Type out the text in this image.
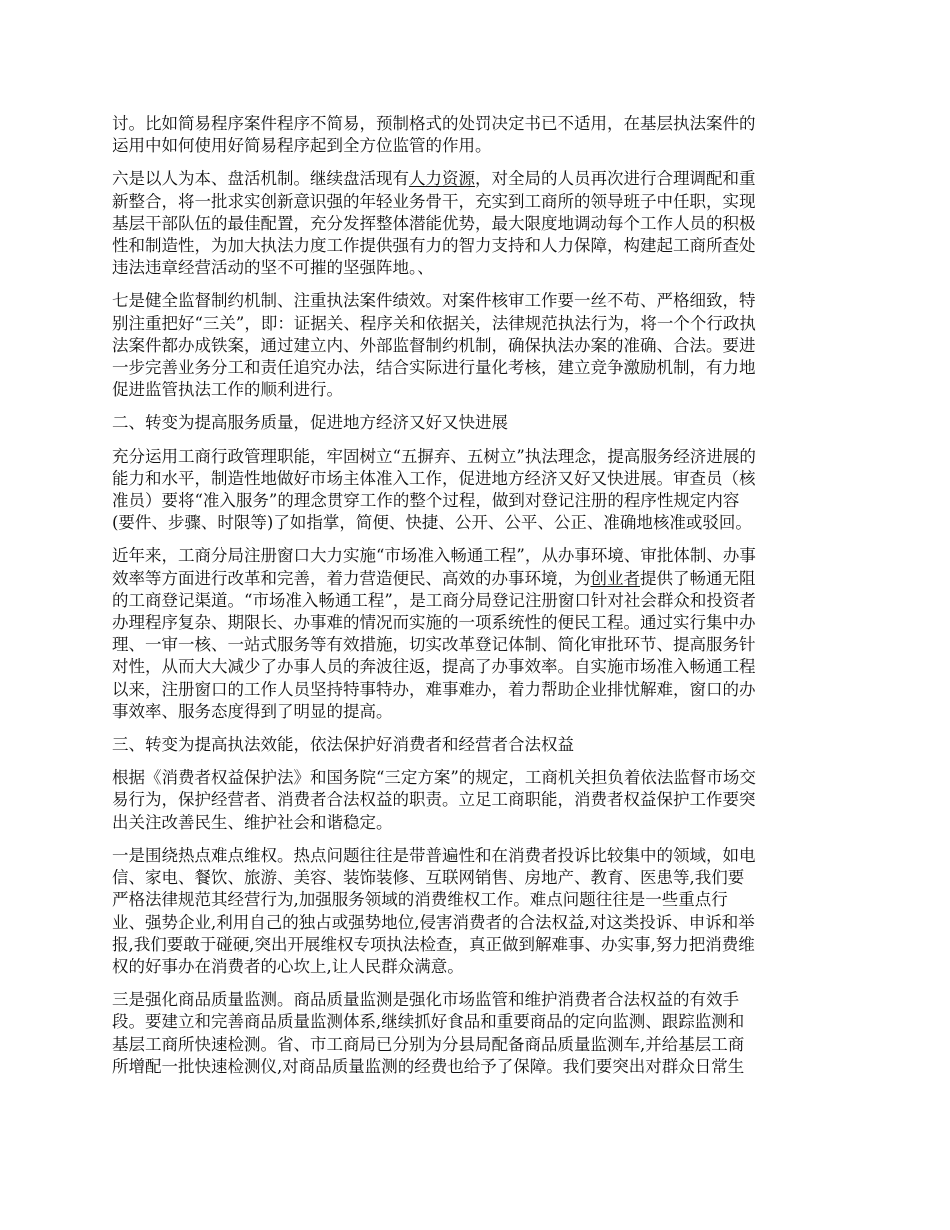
讨。比如简易程序案件程序不简易，预制格式的处罚决定书已不适用，在基层执法案件的
运用中如何使用好简易程序起到全方位监管的作用。
六是以人为本、盘活机制。继续盘活现有人力资源，对全局的人员再次进行合理调配和重
新整合，将一批求实创新意识强的年轻业务骨干，充实到工商所的领导班子中任职，实现
基层干部队伍的最佳配置，充分发挥整体潜能优势，最大限度地调动每个工作人员的积极
性和制造性，为加大执法力度工作提供强有力的智力支持和人力保障，构建起工商所查处
违法违章经营活动的坚不可摧的坚强阵地。、
七是健全监督制约机制、注重执法案件绩效。对案件核审工作要一丝不苟、严格细致，特
别注重把好“三关”，即：证据关、程序关和依据关，法律规范执法行为，将一个个行政执
法案件都办成铁案，通过建立内、外部监督制约机制，确保执法办案的准确、合法。要进
一步完善业务分工和责任追究办法，结合实际进行量化考核，建立竞争激励机制，有力地
促进监管执法工作的顺利进行。
二、转变为提高服务质量，促进地方经济又好又快进展
充分运用工商行政管理职能，牢固树立“五摒弃、五树立”执法理念，提高服务经济进展的
能力和水平，制造性地做好市场主体准入工作，促进地方经济又好又快进展。审查员（核
准员）要将“准入服务”的理念贯穿工作的整个过程，做到对登记注册的程序性规定内容
(要件、步骤、时限等)了如指掌，简便、快捷、公开、公平、公正、准确地核准或驳回。
近年来，工商分局注册窗口大力实施“市场准入畅通工程”，从办事环境、审批体制、办事
效率等方面进行改革和完善，着力营造便民、高效的办事环境，为创业者提供了畅通无阻
的工商登记渠道。“市场准入畅通工程”，是工商分局登记注册窗口针对社会群众和投资者
办理程序复杂、期限长、办事难的情况而实施的一项系统性的便民工程。通过实行集中办
理、一审一核、一站式服务等有效措施，切实改革登记体制、简化审批环节、提高服务针
对性，从而大大减少了办事人员的奔波往返，提高了办事效率。自实施市场准入畅通工程
以来，注册窗口的工作人员坚持特事特办，难事难办，着力帮助企业排忧解难，窗口的办
事效率、服务态度得到了明显的提高。
三、转变为提高执法效能，依法保护好消费者和经营者合法权益
根据《消费者权益保护法》和国务院“三定方案”的规定，工商机关担负着依法监督市场交
易行为，保护经营者、消费者合法权益的职责。立足工商职能，消费者权益保护工作要突
出关注改善民生、维护社会和谐稳定。
一是围绕热点难点维权。热点问题往往是带普遍性和在消费者投诉比较集中的领域，如电
信、家电、餐饮、旅游、美容、装饰装修、互联网销售、房地产、教育、医患等,我们要
严格法律规范其经营行为,加强服务领域的消费维权工作。难点问题往往是一些重点行
业、强势企业,利用自己的独占或强势地位,侵害消费者的合法权益,对这类投诉、申诉和举
报,我们要敢于碰硬,突出开展维权专项执法检查，真正做到解难事、办实事,努力把消费维
权的好事办在消费者的心坎上,让人民群众满意。
三是强化商品质量监测。商品质量监测是强化市场监管和维护消费者合法权益的有效手
段。要建立和完善商品质量监测体系,继续抓好食品和重要商品的定向监测、跟踪监测和
基层工商所快速检测。省、市工商局已分别为分县局配备商品质量监测车,并给基层工商
所增配一批快速检测仪,对商品质量监测的经费也给予了保障。我们要突出对群众日常生
